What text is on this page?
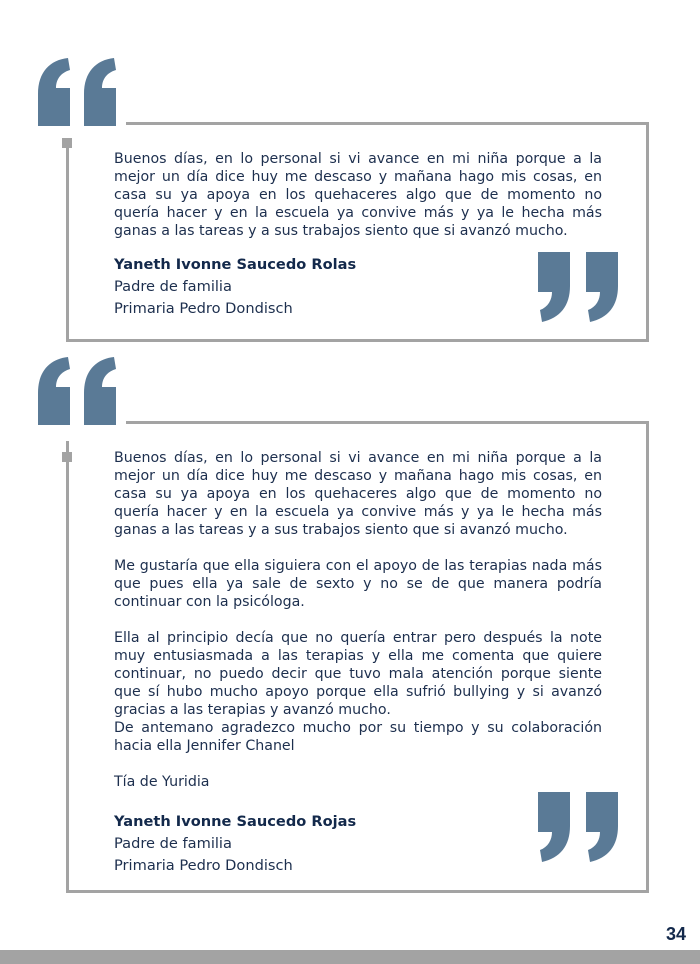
Buenos días, en lo personal si vi avance en mi niña porque a la mejor un día dice huy me descaso y mañana hago mis cosas, en casa su ya apoya en los quehaceres algo que de momento no quería hacer y en la escuela ya convive más y ya le hecha más ganas a las tareas y a sus trabajos siento que si avanzó mucho.

Yaneth Ivonne Saucedo Rolas
Padre de familia
Primaria Pedro Dondisch

Buenos días, en lo personal si vi avance en mi niña porque a la mejor un día dice huy me descaso y mañana hago mis cosas, en casa su ya apoya en los quehaceres algo que de momento no quería hacer y en la escuela ya convive más y ya le hecha más ganas a las tareas y a sus trabajos siento que si avanzó mucho.

Me gustaría que ella siguiera con el apoyo de las terapias nada más que pues ella ya sale de sexto y no se de que manera podría continuar con la psicóloga.

Ella al principio decía que no quería entrar pero después la note muy entusiasmada a las terapias y ella me comenta que quiere continuar, no puedo decir que tuvo mala atención porque siente que sí hubo mucho apoyo porque ella sufrió bullying y si avanzó gracias a las terapias y avanzó mucho.

De antemano agradezco mucho por su tiempo y su colaboración hacia ella Jennifer Chanel

Tía de Yuridia

Yaneth Ivonne Saucedo Rojas
Padre de familia
Primaria Pedro Dondisch
34
